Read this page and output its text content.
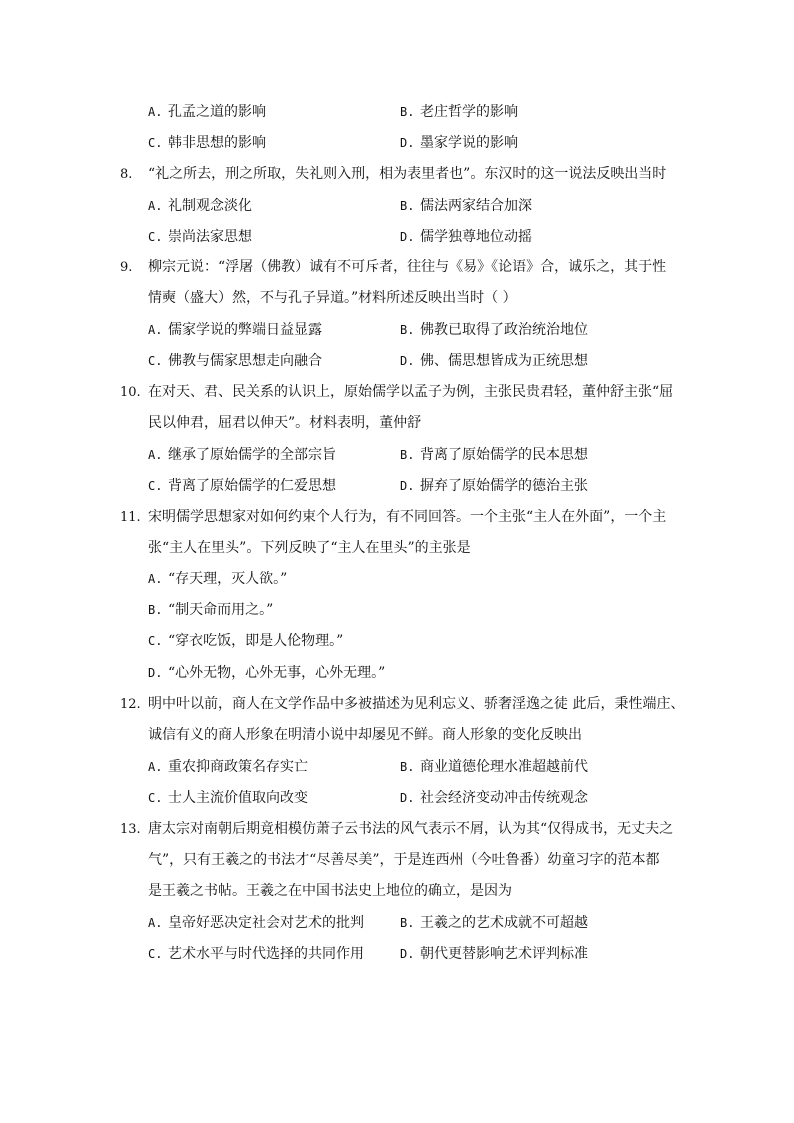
A. 孔孟之道的影响	B. 老庄哲学的影响
C. 韩非思想的影响	D. 墨家学说的影响
8. “礼之所去，刑之所取，失礼则入刑，相为表里者也”。东汉时的这一说法反映出当时
A. 礼制观念淡化	B. 儒法两家结合加深
C. 崇尚法家思想	D. 儒学独尊地位动摇
9. 柳宗元说：“浮屠（佛教）诚有不可斥者，往往与《易》《论语》合，诚乐之，其于性
情奭（盛大）然，不与孔子异道。”材料所述反映出当时（ ）
A. 儒家学说的弊端日益显露	B. 佛教已取得了政治统治地位
C. 佛教与儒家思想走向融合	D. 佛、儒思想皆成为正统思想
10. 在对天、君、民关系的认识上，原始儒学以孟子为例，主张民贵君轻，董仲舒主张“屈
民以伸君，屈君以伸天”。材料表明，董仲舒
A. 继承了原始儒学的全部宗旨	B. 背离了原始儒学的民本思想
C. 背离了原始儒学的仁爱思想	D. 摒弃了原始儒学的德治主张
11. 宋明儒学思想家对如何约束个人行为，有不同回答。一个主张“主人在外面”，一个主
张“主人在里头”。下列反映了“主人在里头”的主张是
A. “存天理，灭人欲。”
B. “制天命而用之。”
C. “穿衣吃饭，即是人伦物理。”
D. “心外无物，心外无事，心外无理。”
12. 明中叶以前，商人在文学作品中多被描述为见利忘义、骄奢淫逸之徒 此后，秉性端庄、
诚信有义的商人形象在明清小说中却屡见不鲜。商人形象的变化反映出
A. 重农抑商政策名存实亡	B. 商业道德伦理水准超越前代
C. 士人主流价值取向改变	D. 社会经济变动冲击传统观念
13. 唐太宗对南朝后期竟相模仿萧子云书法的风气表示不屑，认为其“仅得成书，无丈夫之
气”，只有王羲之的书法才“尽善尽美”，于是连西州（今吐鲁番）幼童习字的范本都
是王羲之书帖。王羲之在中国书法史上地位的确立，是因为
A. 皇帝好恶决定社会对艺术的批判	B. 王羲之的艺术成就不可超越
C. 艺术水平与时代选择的共同作用	D. 朝代更替影响艺术评判标准
